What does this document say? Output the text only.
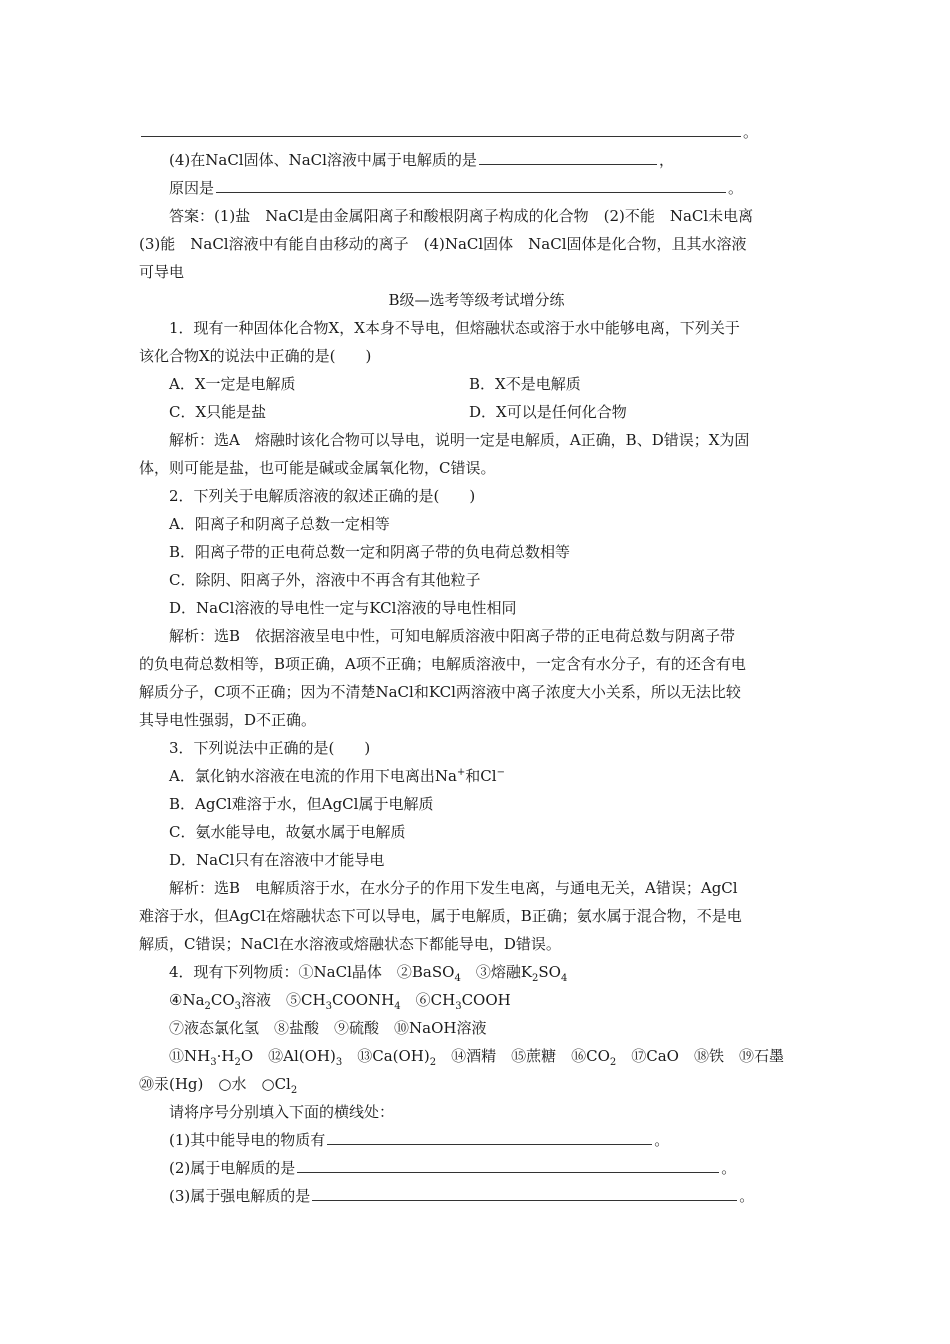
。
(4)在NaCl固体、NaCl溶液中属于电解质的是	，
原因是	。
答案：(1)盐　NaCl是由金属阳离子和酸根阴离子构成的化合物　(2)不能　NaCl未电离
(3)能　NaCl溶液中有能自由移动的离子　(4)NaCl固体　NaCl固体是化合物，且其水溶液
可导电
B级—选考等级考试增分练
1．现有一种固体化合物X，X本身不导电，但熔融状态或溶于水中能够电离，下列关于
该化合物X的说法中正确的是(　　)
A．X一定是电解质	B．X不是电解质
C．X只能是盐	D．X可以是任何化合物
解析：选A　熔融时该化合物可以导电，说明一定是电解质，A正确，B、D错误；X为固
体，则可能是盐，也可能是碱或金属氧化物，C错误。
2．下列关于电解质溶液的叙述正确的是(　　)
A．阳离子和阴离子总数一定相等
B．阳离子带的正电荷总数一定和阴离子带的负电荷总数相等
C．除阴、阳离子外，溶液中不再含有其他粒子
D．NaCl溶液的导电性一定与KCl溶液的导电性相同
解析：选B　依据溶液呈电中性，可知电解质溶液中阳离子带的正电荷总数与阴离子带
的负电荷总数相等，B项正确，A项不正确；电解质溶液中，一定含有水分子，有的还含有电
解质分子，C项不正确；因为不清楚NaCl和KCl两溶液中离子浓度大小关系，所以无法比较
其导电性强弱，D不正确。
3．下列说法中正确的是(　　)
A．氯化钠水溶液在电流的作用下电离出Na+和Cl−
B．AgCl难溶于水，但AgCl属于电解质
C．氨水能导电，故氨水属于电解质
D．NaCl只有在溶液中才能导电
解析：选B　电解质溶于水，在水分子的作用下发生电离，与通电无关，A错误；AgCl
难溶于水，但AgCl在熔融状态下可以导电，属于电解质，B正确；氨水属于混合物，不是电
解质，C错误；NaCl在水溶液或熔融状态下都能导电，D错误。
4．现有下列物质：①NaCl晶体　②BaSO$_4$　③熔融$K_2SO_4$
$④Na_2CO_3$溶液　$⑤CH_3COONH_4$　$⑥CH_3COOH$
⑦液态氯化氢　⑧盐酸　⑨硫酸　⑩NaOH溶液
$⑪NH_3\cdot H_2O$　$⑫Al(OH)_3$　$⑬Ca(OH)_2$　⑭酒精　⑮蔗糖　$⑯CO_2$　⑰CaO　⑱铁　⑲石墨
⑳汞(Hg)　○水　$○Cl_2$
请将序号分别填入下面的横线处：
(1)其中能导电的物质有	。
(2)属于电解质的是	。
(3)属于强电解质的是	。
